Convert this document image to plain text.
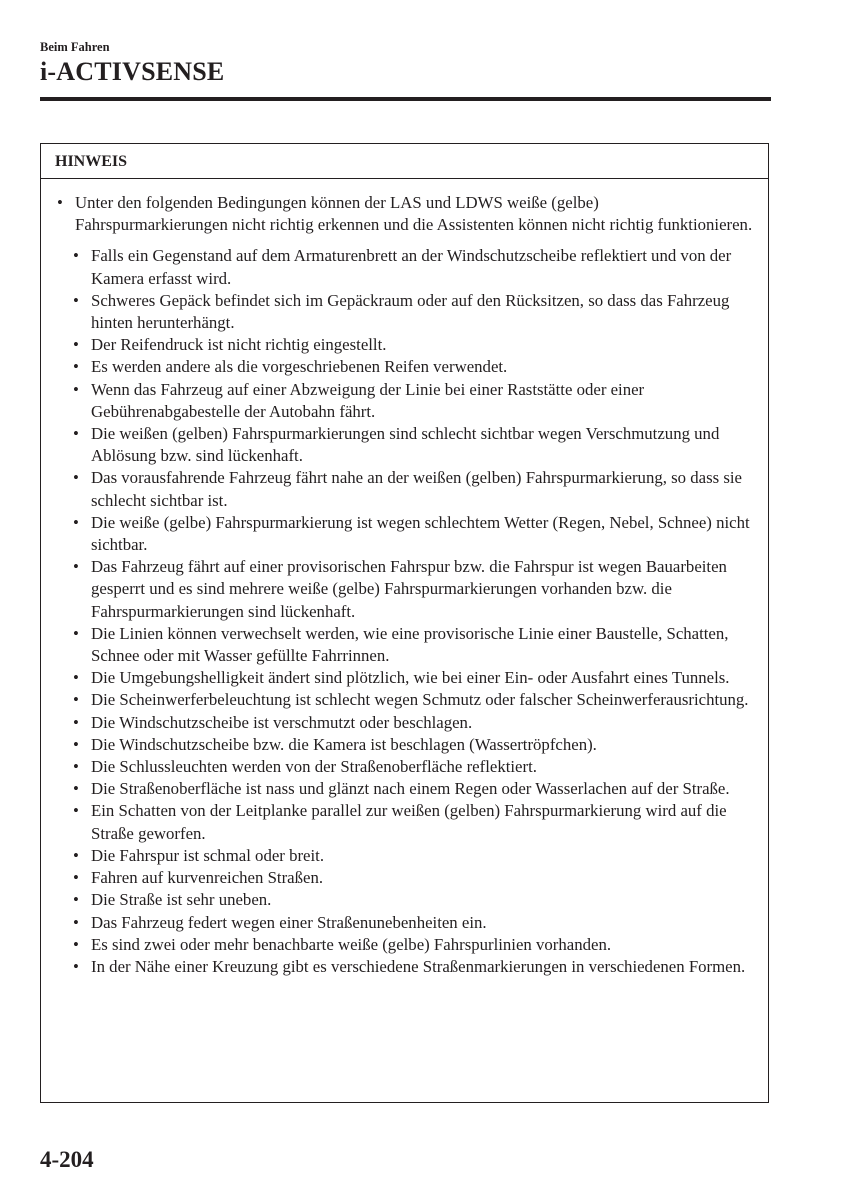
Beim Fahren

i-ACTIVSENSE
HINWEIS
• Unter den folgenden Bedingungen können der LAS und LDWS weiße (gelbe) Fahrspurmarkierungen nicht richtig erkennen und die Assistenten können nicht richtig funktionieren.
• Falls ein Gegenstand auf dem Armaturenbrett an der Windschutzscheibe reflektiert und von der Kamera erfasst wird.
• Schweres Gepäck befindet sich im Gepäckraum oder auf den Rücksitzen, so dass das Fahrzeug hinten herunterhängt.
• Der Reifendruck ist nicht richtig eingestellt.
• Es werden andere als die vorgeschriebenen Reifen verwendet.
• Wenn das Fahrzeug auf einer Abzweigung der Linie bei einer Raststätte oder einer Gebührenabgabestelle der Autobahn fährt.
• Die weißen (gelben) Fahrspurmarkierungen sind schlecht sichtbar wegen Verschmutzung und Ablösung bzw. sind lückenhaft.
• Das vorausfahrende Fahrzeug fährt nahe an der weißen (gelben) Fahrspurmarkierung, so dass sie schlecht sichtbar ist.
• Die weiße (gelbe) Fahrspurmarkierung ist wegen schlechtem Wetter (Regen, Nebel, Schnee) nicht sichtbar.
• Das Fahrzeug fährt auf einer provisorischen Fahrspur bzw. die Fahrspur ist wegen Bauarbeiten gesperrt und es sind mehrere weiße (gelbe) Fahrspurmarkierungen vorhanden bzw. die Fahrspurmarkierungen sind lückenhaft.
• Die Linien können verwechselt werden, wie eine provisorische Linie einer Baustelle, Schatten, Schnee oder mit Wasser gefüllte Fahrrinnen.
• Die Umgebungshelligkeit ändert sind plötzlich, wie bei einer Ein- oder Ausfahrt eines Tunnels.
• Die Scheinwerferbeleuchtung ist schlecht wegen Schmutz oder falscher Scheinwerferausrichtung.
• Die Windschutzscheibe ist verschmutzt oder beschlagen.
• Die Windschutzscheibe bzw. die Kamera ist beschlagen (Wassertröpfchen).
• Die Schlussleuchten werden von der Straßenoberfläche reflektiert.
• Die Straßenoberfläche ist nass und glänzt nach einem Regen oder Wasserlachen auf der Straße.
• Ein Schatten von der Leitplanke parallel zur weißen (gelben) Fahrspurmarkierung wird auf die Straße geworfen.
• Die Fahrspur ist schmal oder breit.
• Fahren auf kurvenreichen Straßen.
• Die Straße ist sehr uneben.
• Das Fahrzeug federt wegen einer Straßenunebenheiten ein.
• Es sind zwei oder mehr benachbarte weiße (gelbe) Fahrspurlinien vorhanden.
• In der Nähe einer Kreuzung gibt es verschiedene Straßenmarkierungen in verschiedenen Formen.
4-204
